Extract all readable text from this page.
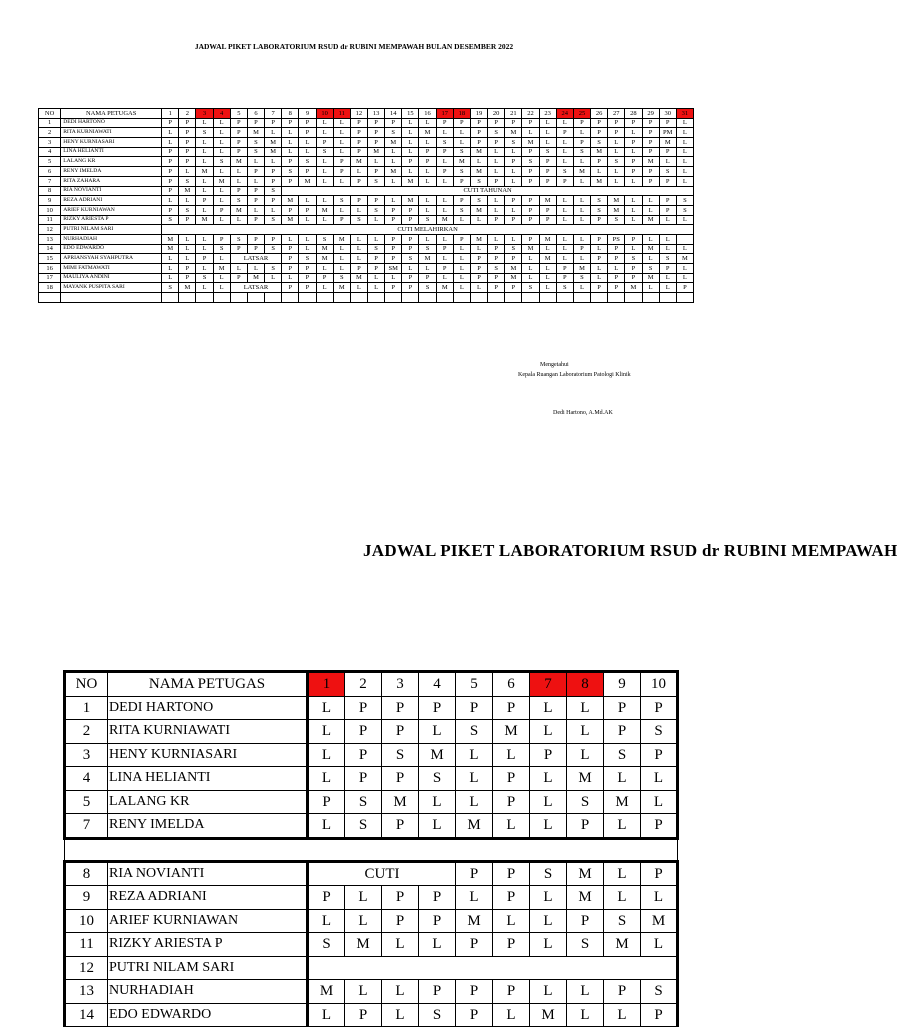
JADWAL PIKET LABORATORIUM RSUD dr RUBINI MEMPAWAH BULAN DESEMBER 2022
NO	NAMA PETUGAS	1	2	3	4	5	6	7	8	9	10	11	12	13	14	15	16	17	18	19	20	21	22	23	24	25	26	27	28	29	30	31
1	DEDI HARTONO	P	P	L	L	P	P	P	P	P	L	L	P	P	P	L	L	P	P	P	P	P	P	L	L	P	P	P	P	P	P	L
2	RITA KURNIAWATI	L	P	S	L	P	M	L	L	P	L	L	P	P	S	L	M	L	L	P	S	M	L	L	P	L	P	P	L	P	PM	L
3	HENY KURNIASARI	L	P	L	L	P	S	M	L	L	P	L	P	P	M	L	L	S	L	P	P	S	M	L	L	P	S	L	P	P	M	L
4	LINA HELIANTI	P	P	L	L	P	S	M	L	L	S	L	P	M	L	L	P	P	S	M	L	L	P	S	L	S	M	L	L	P	P	L
5	LALANG KR	P	P	L	S	M	L	L	P	S	L	P	M	L	L	P	P	L	M	L	L	P	S	P	L	L	P	S	P	M	L	L
6	RENY IMELDA	P	L	M	L	L	P	P	S	P	L	P	L	P	M	L	L	P	S	M	L	L	P	P	S	M	L	L	P	P	S	L
7	RITA ZAHARA	P	S	L	M	L	L	P	P	M	L	L	P	S	L	M	L	L	P	S	P	L	P	P	P	L	M	L	L	P	P	L
8	RIA NOVIANTI	P	M	L	L	P	P	S	CUTI TAHUNAN																							
9	REZA ADRIANI	L	L	P	L	S	P	P	M	L	L	S	P	P	L	M	L	L	P	S	L	P	P	M	L	L	S	M	L	L	P	S
10	ARIEF KURNIAWAN	P	S	L	P	M	L	L	P	P	M	L	L	S	P	P	L	L	S	M	L	L	P	P	L	L	S	M	L	L	P	S
11	RIZKY ARIESTA P	S	P	M	L	L	P	S	M	L	L	P	S	L	P	P	S	M	L	L	P	P	P	P	L	L	P	S	L	M	L	L
12	PUTRI NILAM SARI	CUTI MELAHIRKAN																														
13	NURHADIAH	M	L	L	P	S	P	P	L	L	S	M	L	L	P	P	L	L	P	M	L	L	P	M	L	L	P	PS	P	L	L	
14	EDO EDWARDO	M	L	L	S	P	P	S	P	L	M	L	L	S	P	P	S	P	L	L	P	S	M	L	L	P	L	P	L	M	L	L
15	APRIANSYAH SYAHPUTRA	L	L	P	L	LATSAR			P	S	M	L	L	P	P	S	M	L	L	P	P	P	L	M	L	L	P	P	S	L	S	M
16	MIMI FATMAWATI	L	P	L	M	L	L	S	P	P	L	L	P	P	SM	L	L	P	L	P	S	M	L	L	P	M	L	L	P	S	P	L
17	MAULIYA ANDINI	L	P	S	L	P	M	L	L	P	P	S	M	L	L	P	P	L	L	P	P	M	L	L	P	S	L	P	P	M	L	L
18	MAYANK PUSPITA SARI	S	M	L	L	LATSAR			P	P	L	M	L	L	P	P	S	M	L	L	P	P	S	L	S	L	P	P	M	L	L	P

Mengetahui
Kepala Ruangan Laboratorium Patologi Klinik
Dedi Hartono, A.Md.AK
JADWAL PIKET LABORATORIUM RSUD dr RUBINI MEMPAWAH
NO	NAMA PETUGAS	1	2	3	4	5	6	7	8	9	10
1	DEDI HARTONO	L	P	P	P	P	P	L	L	P	P
2	RITA KURNIAWATI	L	P	P	L	S	M	L	L	P	S
3	HENY KURNIASARI	L	P	S	M	L	L	P	L	S	P
4	LINA HELIANTI	L	P	P	S	L	P	L	M	L	L
5	LALANG KR	P	S	M	L	L	P	L	S	M	L
7	RENY IMELDA	L	S	P	L	M	L	L	P	L	P

8	RIA NOVIANTI	CUTI				P	P	S	M	L	P
9	REZA ADRIANI	P	L	P	P	L	P	L	M	L	L
10	ARIEF KURNIAWAN	L	L	P	P	M	L	L	P	S	M
11	RIZKY ARIESTA P	S	M	L	L	P	P	L	S	M	L
12	PUTRI NILAM SARI										
13	NURHADIAH	M	L	L	P	P	P	L	L	P	S
14	EDO EDWARDO	L	P	L	S	P	L	M	L	L	P
